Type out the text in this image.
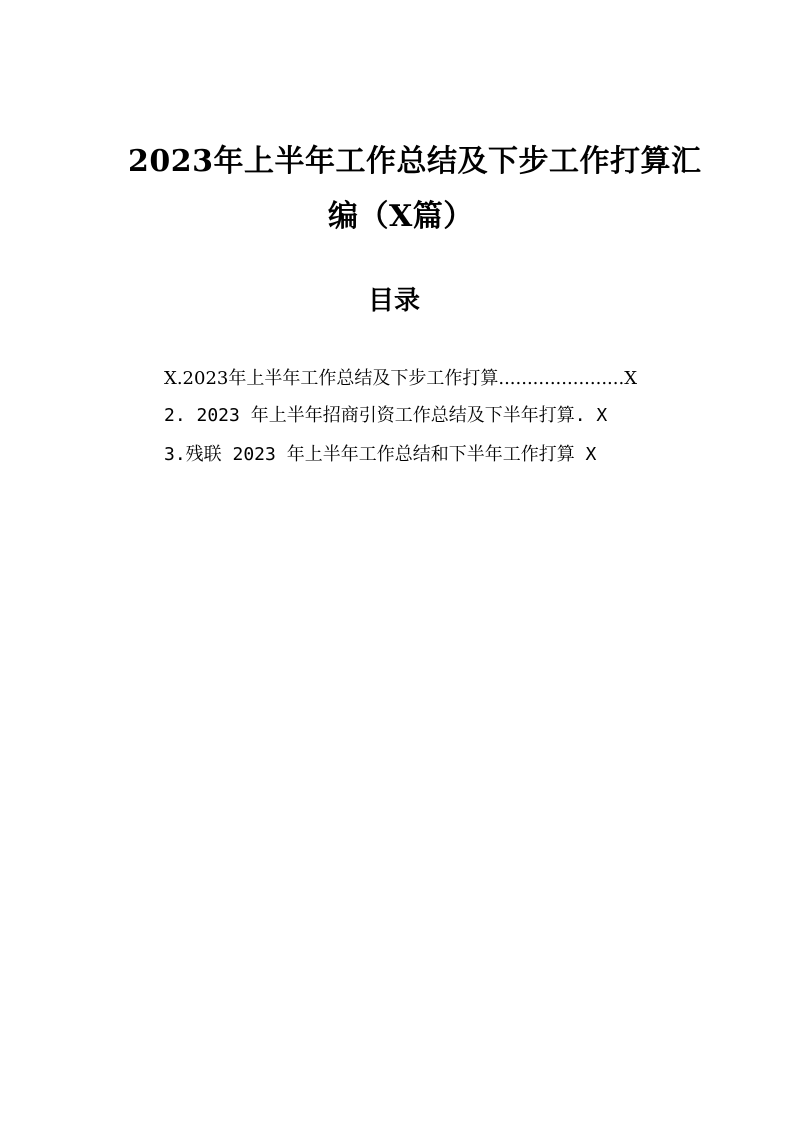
2023年上半年工作总结及下步工作打算汇
编（X篇）
目录
X.2023年上半年工作总结及下步工作打算......................X
2. 2023 年上半年招商引资工作总结及下半年打算. X
3.残联 2023 年上半年工作总结和下半年工作打算 X
